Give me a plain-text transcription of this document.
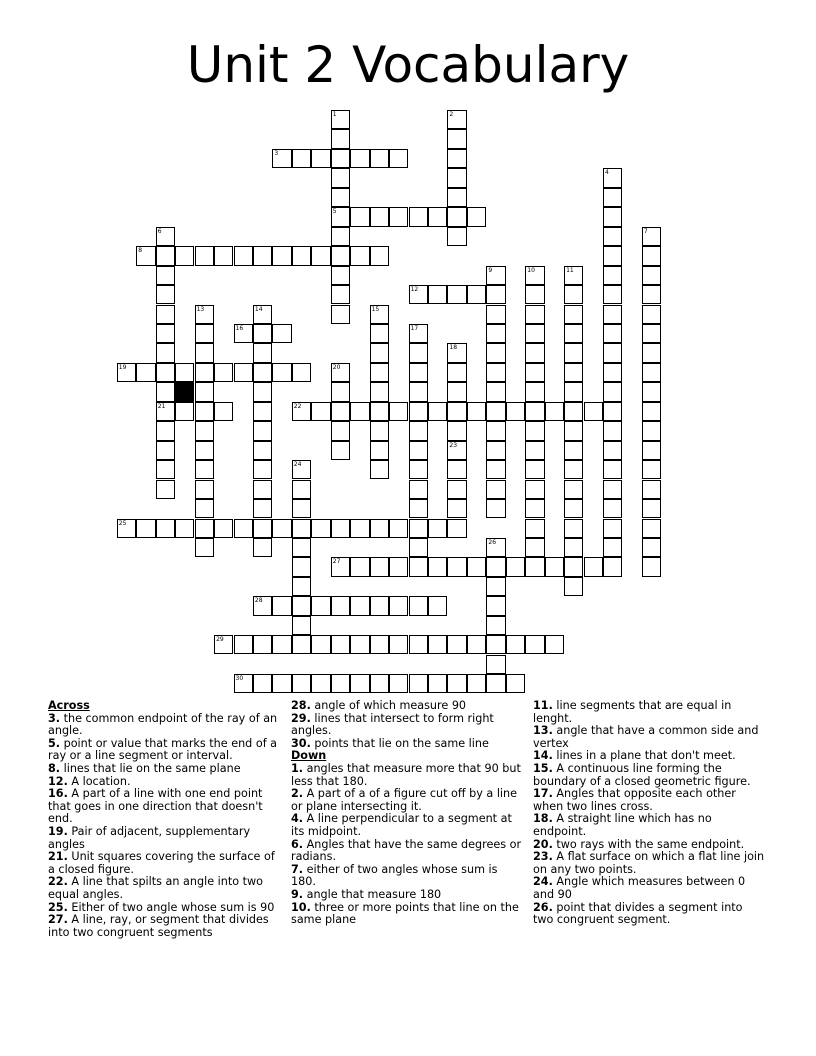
Unit 2 Vocabulary
1
5
2
3
4
6
21
7
8
9	10	11
12
13	14	15
16	17
18
23
19	20
22
24
25
26
27
28
29
30
Across
3. the common endpoint of the ray of an angle.
5. point or value that marks the end of a ray or a line segment or interval.
8. lines that lie on the same plane
12. A location.
16. A part of a line with one end point that goes in one direction that doesn't end.
19. Pair of adjacent, supplementary angles
21. Unit squares covering the surface of a closed figure.
22. A line that spilts an angle into two equal angles.
25. Either of two angle whose sum is 90
27. A line, ray, or segment that divides into two congruent segments
28. angle of which measure 90
29. lines that intersect to form right angles.
30. points that lie on the same line
Down
1. angles that measure more that 90 but less that 180.
2. A part of a of a figure cut off by a line or plane intersecting it.
4. A line perpendicular to a segment at its midpoint.
6. Angles that have the same degrees or radians.
7. either of two angles whose sum is 180.
9. angle that measure 180
10. three or more points that line on the same plane
11. line segments that are equal in lenght.
13. angle that have a common side and vertex
14. lines in a plane that don't meet.
15. A continuous line forming the boundary of a closed geometric figure.
17. Angles that opposite each other when two lines cross.
18. A straight line which has no endpoint.
20. two rays with the same endpoint.
23. A flat surface on which a flat line join on any two points.
24. Angle which measures between 0 and 90
26. point that divides a segment into two congruent segment.
